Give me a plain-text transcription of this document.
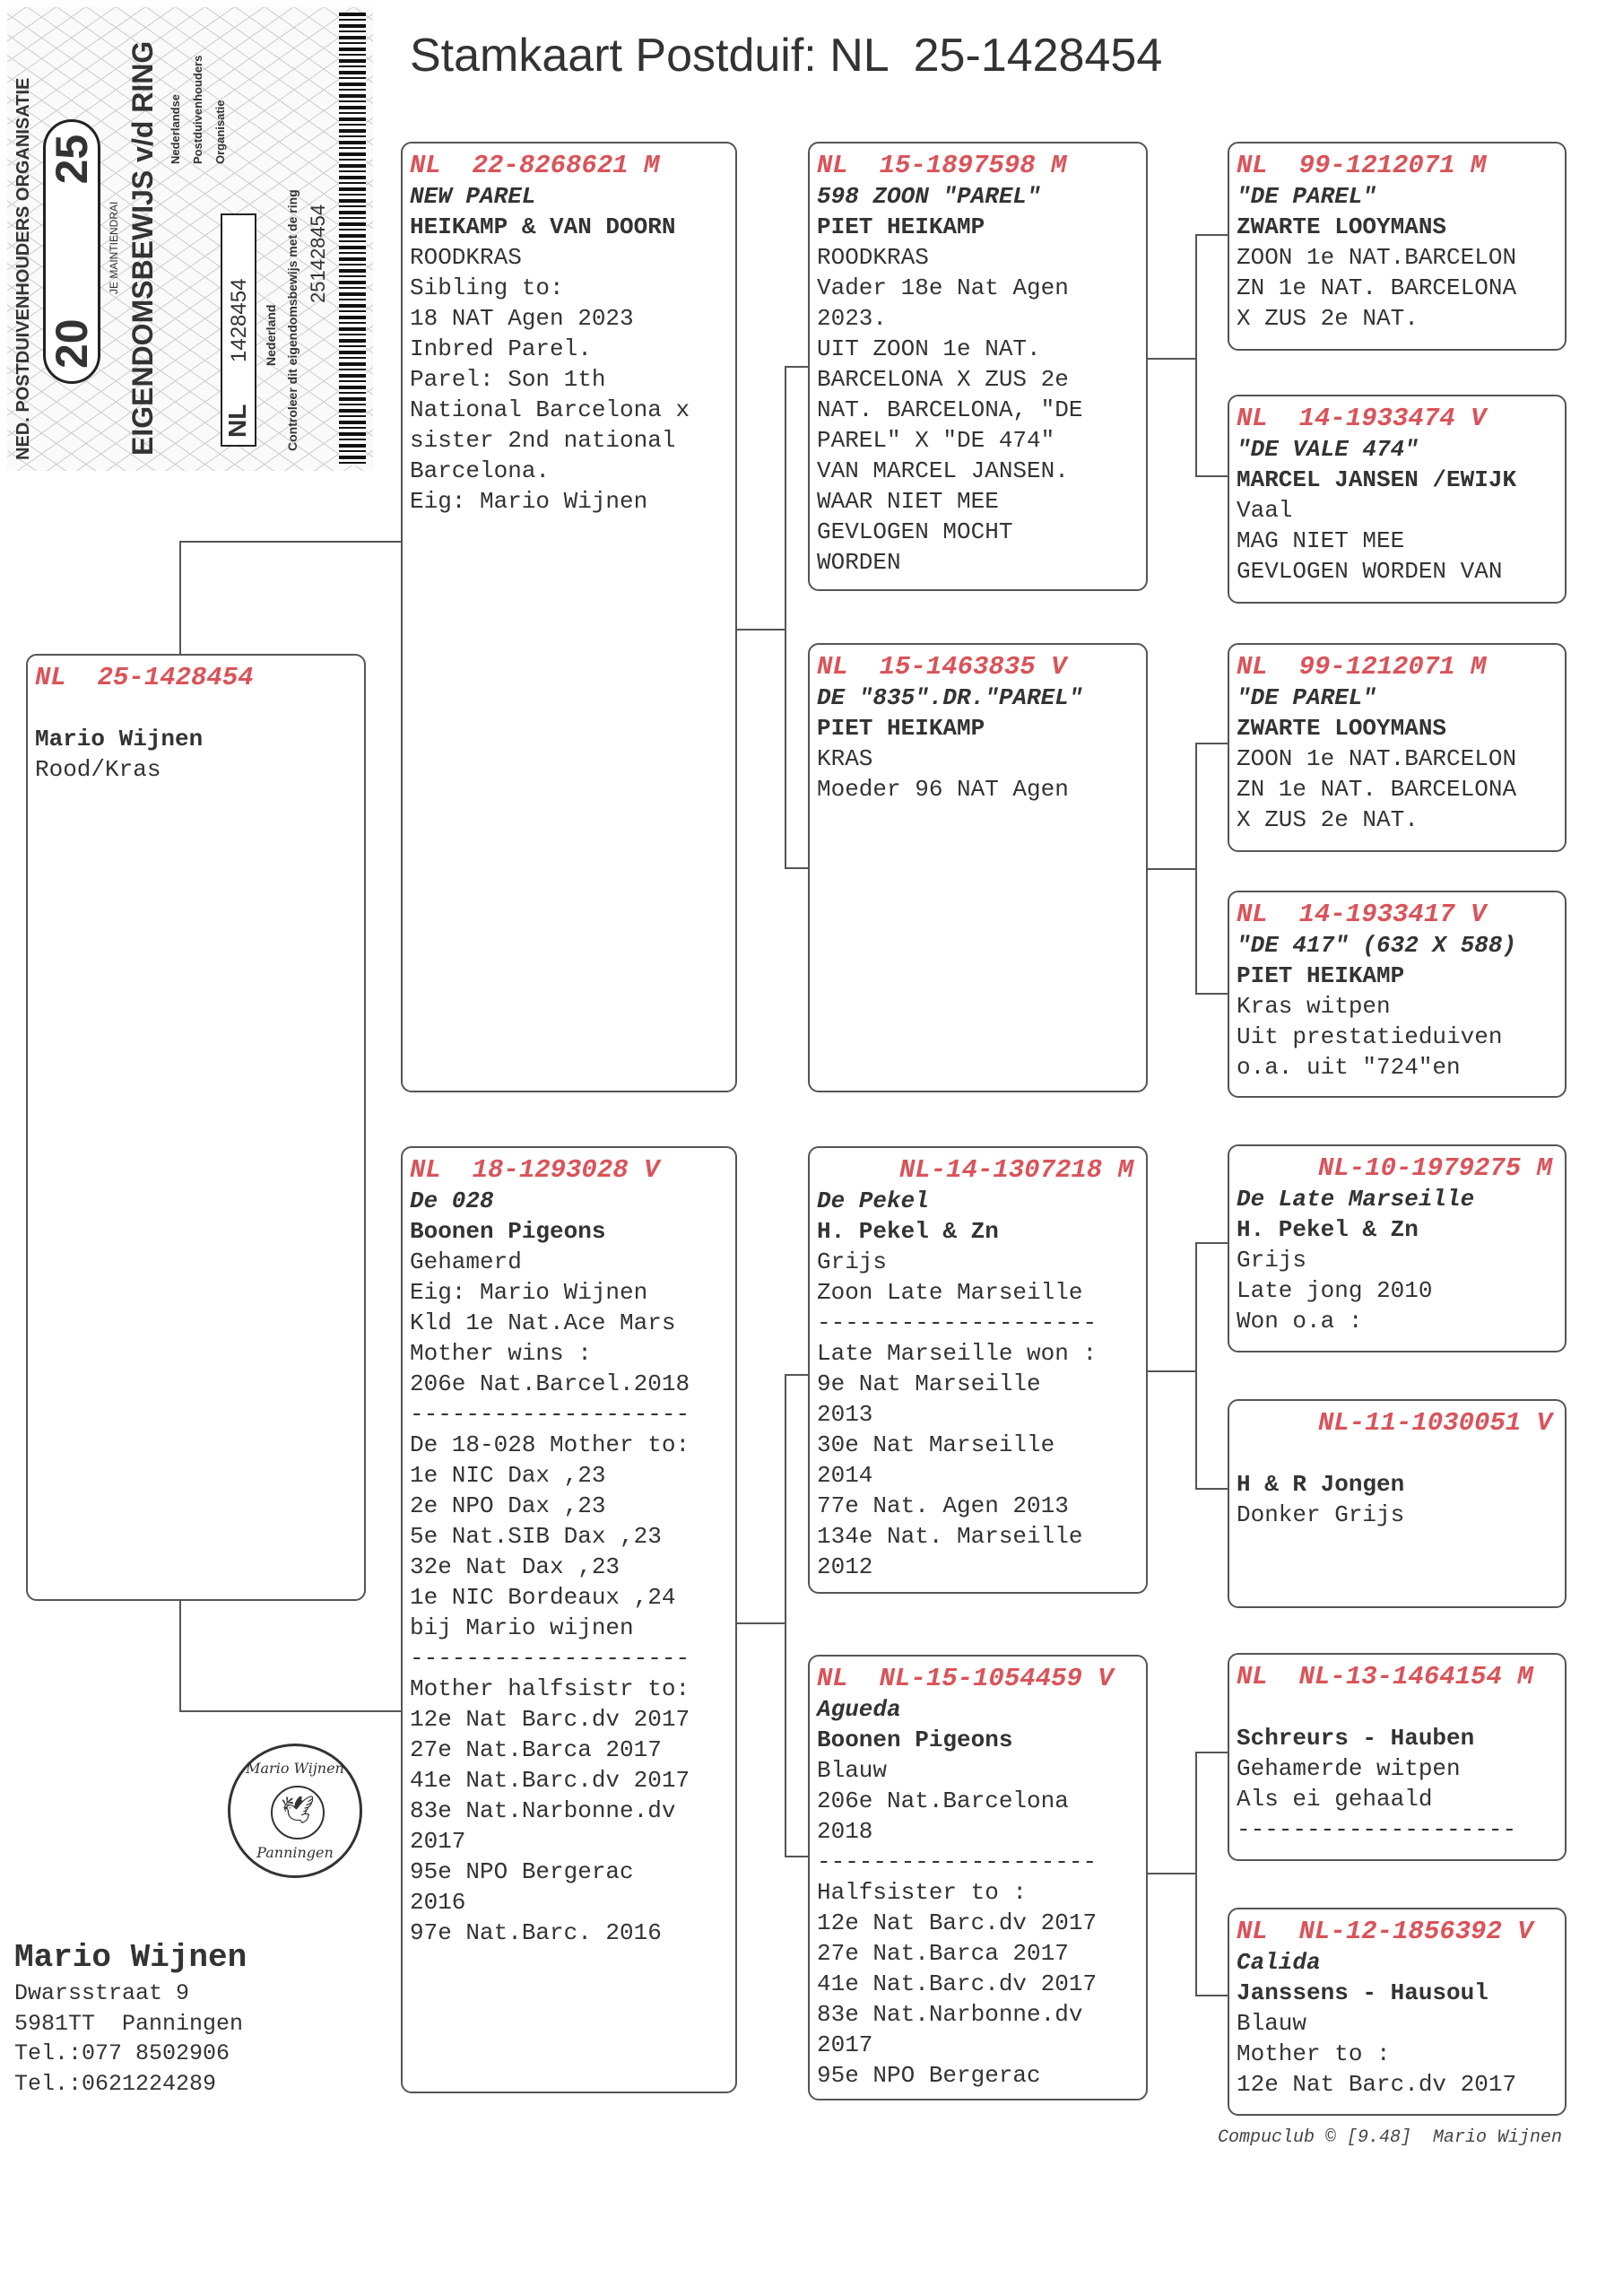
Stamkaart Postduif: NL  25-1428454
NED. POSTDUIVENHOUDERS ORGANISATIE 2025
JE MAINTIENDRAI EIGENDOMSBEWIJS v/d RING Nederlandse Postduivenhouders Organisatie
NL      1428454	Nederland Controleer dit eigendomsbewijs met de ring 251428454
NL  25-1428454
Mario Wijnen
Rood/Kras
NL  22-8268621 M
NEW PAREL
HEIKAMP & VAN DOORN
ROODKRAS
Sibling to:
18 NAT Agen 2023
Inbred Parel.
Parel: Son 1th
National Barcelona x
sister 2nd national
Barcelona.
Eig: Mario Wijnen
NL  18-1293028 V
De 028
Boonen Pigeons
Gehamerd
Eig: Mario Wijnen
Kld 1e Nat.Ace Mars
Mother wins :
206e Nat.Barcel.2018
--------------------
De 18-028 Mother to:
1e NIC Dax ,23
2e NPO Dax ,23
5e Nat.SIB Dax ,23
32e Nat Dax ,23
1e NIC Bordeaux ,24
bij Mario wijnen
--------------------
Mother halfsistr to:
12e Nat Barc.dv 2017
27e Nat.Barca 2017
41e Nat.Barc.dv 2017
83e Nat.Narbonne.dv
2017
95e NPO Bergerac
2016
97e Nat.Barc. 2016
NL  15-1897598 M
598 ZOON "PAREL"
PIET HEIKAMP
ROODKRAS
Vader 18e Nat Agen
2023.
UIT ZOON 1e NAT.
BARCELONA X ZUS 2e
NAT. BARCELONA, "DE
PAREL" X "DE 474"
VAN MARCEL JANSEN.
WAAR NIET MEE
GEVLOGEN MOCHT
WORDEN
NL  15-1463835 V
DE "835".DR."PAREL"
PIET HEIKAMP
KRAS
Moeder 96 NAT Agen
NL-14-1307218 M
De Pekel
H. Pekel & Zn
Grijs
Zoon Late Marseille
--------------------
Late Marseille won :
9e Nat Marseille
2013
30e Nat Marseille
2014
77e Nat. Agen 2013
134e Nat. Marseille
2012
NL  NL-15-1054459 V
Agueda
Boonen Pigeons
Blauw
206e Nat.Barcelona
2018
--------------------
Halfsister to :
12e Nat Barc.dv 2017
27e Nat.Barca 2017
41e Nat.Barc.dv 2017
83e Nat.Narbonne.dv
2017
95e NPO Bergerac
NL  99-1212071 M
"DE PAREL"
ZWARTE LOOYMANS
ZOON 1e NAT.BARCELON
ZN 1e NAT. BARCELONA
X ZUS 2e NAT.
NL  14-1933474 V
"DE VALE 474"
MARCEL JANSEN /EWIJK
Vaal
MAG NIET MEE
GEVLOGEN WORDEN VAN
NL  99-1212071 M
"DE PAREL"
ZWARTE LOOYMANS
ZOON 1e NAT.BARCELON
ZN 1e NAT. BARCELONA
X ZUS 2e NAT.
NL  14-1933417 V
"DE 417" (632 X 588)
PIET HEIKAMP
Kras witpen
Uit prestatieduiven
o.a. uit "724"en
NL-10-1979275 M
De Late Marseille
H. Pekel & Zn
Grijs
Late jong 2010
Won o.a :
NL-11-1030051 V
H & R Jongen
Donker Grijs
NL  NL-13-1464154 M
Schreurs - Hauben
Gehamerde witpen
Als ei gehaald
--------------------
NL  NL-12-1856392 V
Calida
Janssens - Hausoul
Blauw
Mother to :
12e Nat Barc.dv 2017
Mario Wijnen
🕊
Panningen
Mario Wijnen
Dwarsstraat 9
5981TT  Panningen
Tel.:077 8502906
Tel.:0621224289
Compuclub © [9.48]  Mario Wijnen
